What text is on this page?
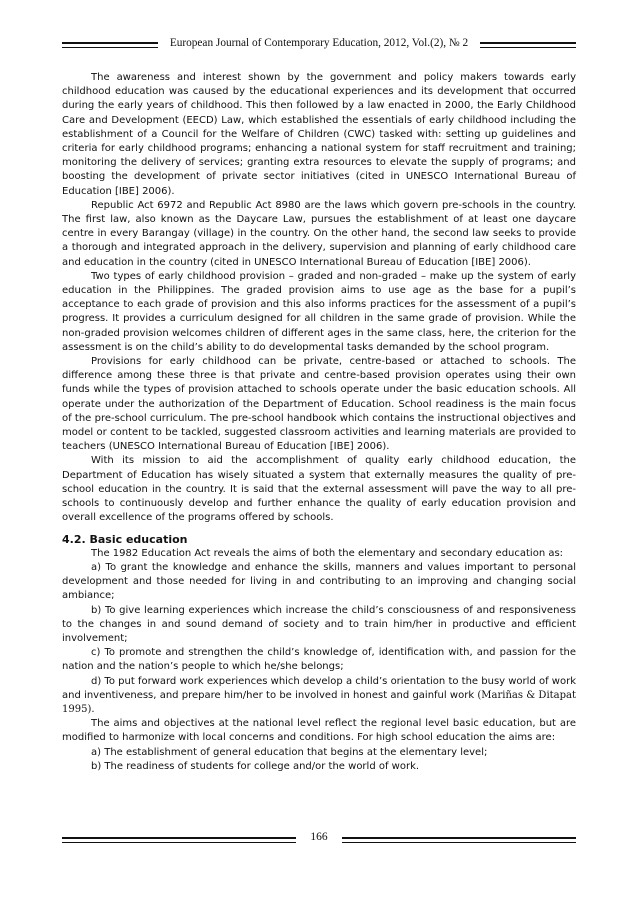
European Journal of Contemporary Education, 2012, Vol.(2), № 2

The awareness and interest shown by the government and policy makers towards early childhood education was caused by the educational experiences and its development that occurred during the early years of childhood. This then followed by a law enacted in 2000, the Early Childhood Care and Development (EECD) Law, which established the essentials of early childhood including the establishment of a Council for the Welfare of Children (CWC) tasked with: setting up guidelines and criteria for early childhood programs; enhancing a national system for staff recruitment and training; monitoring the delivery of services; granting extra resources to elevate the supply of programs; and boosting the development of private sector initiatives (cited in UNESCO International Bureau of Education [IBE] 2006).

Republic Act 6972 and Republic Act 8980 are the laws which govern pre-schools in the country. The first law, also known as the Daycare Law, pursues the establishment of at least one daycare centre in every Barangay (village) in the country. On the other hand, the second law seeks to provide a thorough and integrated approach in the delivery, supervision and planning of early childhood care and education in the country (cited in UNESCO International Bureau of Education [IBE] 2006).

Two types of early childhood provision – graded and non-graded – make up the system of early education in the Philippines. The graded provision aims to use age as the base for a pupil’s acceptance to each grade of provision and this also informs practices for the assessment of a pupil’s progress. It provides a curriculum designed for all children in the same grade of provision. While the non-graded provision welcomes children of different ages in the same class, here, the criterion for the assessment is on the child’s ability to do developmental tasks demanded by the school program.

Provisions for early childhood can be private, centre-based or attached to schools. The difference among these three is that private and centre-based provision operates using their own funds while the types of provision attached to schools operate under the basic education schools. All operate under the authorization of the Department of Education. School readiness is the main focus of the pre-school curriculum. The pre-school handbook which contains the instructional objectives and model or content to be tackled, suggested classroom activities and learning materials are provided to teachers (UNESCO International Bureau of Education [IBE] 2006).

With its mission to aid the accomplishment of quality early childhood education, the Department of Education has wisely situated a system that externally measures the quality of pre-school education in the country. It is said that the external assessment will pave the way to all pre-schools to continuously develop and further enhance the quality of early education provision and overall excellence of the programs offered by schools.

4.2. Basic education

The 1982 Education Act reveals the aims of both the elementary and secondary education as:

a) To grant the knowledge and enhance the skills, manners and values important to personal development and those needed for living in and contributing to an improving and changing social ambiance;

b) To give learning experiences which increase the child’s consciousness of and responsiveness to the changes in and sound demand of society and to train him/her in productive and efficient involvement;

c) To promote and strengthen the child’s knowledge of, identification with, and passion for the nation and the nation’s people to which he/she belongs;

d) To put forward work experiences which develop a child’s orientation to the busy world of work and inventiveness, and prepare him/her to be involved in honest and gainful work (Mariñas & Ditapat 1995).

The aims and objectives at the national level reflect the regional level basic education, but are modified to harmonize with local concerns and conditions. For high school education the aims are:

a) The establishment of general education that begins at the elementary level;

b) The readiness of students for college and/or the world of work.

166
